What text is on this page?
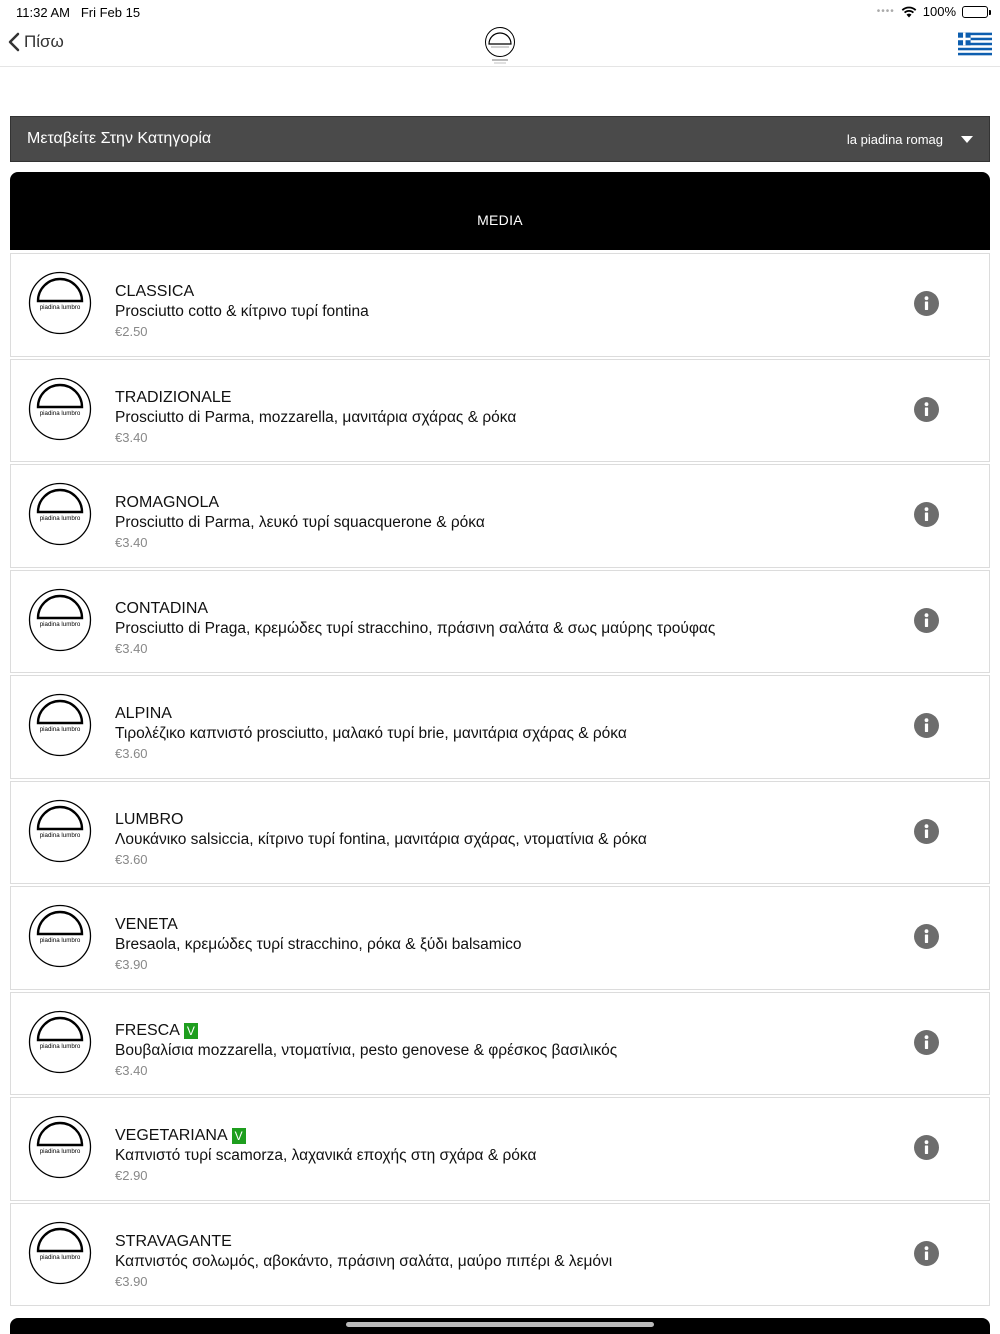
11:32 AM Fri Feb 15	•••• 100%
Πίσω
Μεταβείτε Στην Κατηγορία	la piadina romag
MEDIA
piadina lumbro
CLASSICA
Prosciutto cotto & κίτρινο τυρί fontina
€2.50
piadina lumbro
TRADIZIONALE
Prosciutto di Parma, mozzarella, μανιτάρια σχάρας & ρόκα
€3.40
piadina lumbro
ROMAGNOLA
Prosciutto di Parma, λευκό τυρί squacquerone & ρόκα
€3.40
piadina lumbro
CONTADINA
Prosciutto di Praga, κρεμώδες τυρί stracchino, πράσινη σαλάτα & σως μαύρης τρούφας
€3.40
piadina lumbro
ALPINA
Τιρολέζικο καπνιστό prosciutto, μαλακό τυρί brie, μανιτάρια σχάρας & ρόκα
€3.60
piadina lumbro
LUMBRO
Λουκάνικο salsiccia, κίτρινο τυρί fontina, μανιτάρια σχάρας, ντοματίνια & ρόκα
€3.60
piadina lumbro
VENETA
Bresaola, κρεμώδες τυρί stracchino, ρόκα & ξύδι balsamico
€3.90
piadina lumbro
FRESCA V
Βουβαλίσια mozzarella, ντοματίνια, pesto genovese & φρέσκος βασιλικός
€3.40
piadina lumbro
VEGETARIANA V
Καπνιστό τυρί scamorza, λαχανικά εποχής στη σχάρα & ρόκα
€2.90
piadina lumbro
STRAVAGANTE
Καπνιστός σολωμός, αβοκάντο, πράσινη σαλάτα, μαύρο πιπέρι & λεμόνι
€3.90
